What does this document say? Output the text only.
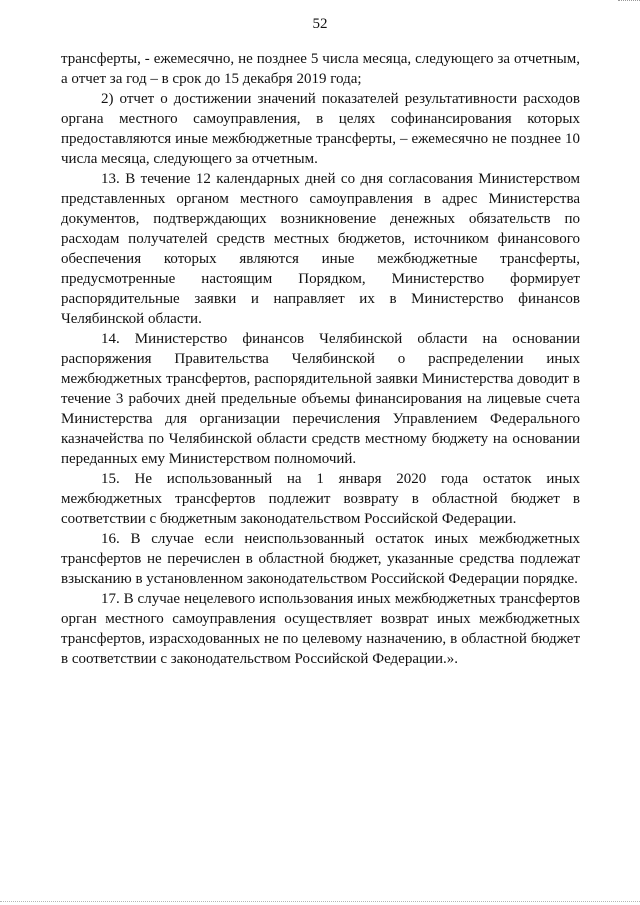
52

трансферты, - ежемесячно, не позднее 5 числа месяца, следующего за отчетным, а отчет за год – в срок до 15 декабря 2019 года;

2) отчет о достижении значений показателей результативности расходов органа местного самоуправления, в целях софинансирования которых предоставляются иные межбюджетные трансферты, – ежемесячно не позднее 10 числа месяца, следующего за отчетным.

13. В течение 12 календарных дней со дня согласования Министерством представленных органом местного самоуправления в адрес Министерства документов, подтверждающих возникновение денежных обязательств по расходам получателей средств местных бюджетов, источником финансового обеспечения которых являются иные межбюджетные трансферты, предусмотренные настоящим Порядком, Министерство формирует распорядительные заявки и направляет их в Министерство финансов Челябинской области.

14. Министерство финансов Челябинской области на основании распоряжения Правительства Челябинской о распределении иных межбюджетных трансфертов, распорядительной заявки Министерства доводит в течение 3 рабочих дней предельные объемы финансирования на лицевые счета Министерства для организации перечисления Управлением Федерального казначейства по Челябинской области средств местному бюджету на основании переданных ему Министерством полномочий.

15. Не использованный на 1 января 2020 года остаток иных межбюджетных трансфертов подлежит возврату в областной бюджет в соответствии с бюджетным законодательством Российской Федерации.

16. В случае если неиспользованный остаток иных межбюджетных трансфертов не перечислен в областной бюджет, указанные средства подлежат взысканию в установленном законодательством Российской Федерации порядке.

17. В случае нецелевого использования иных межбюджетных трансфертов орган местного самоуправления осуществляет возврат иных межбюджетных трансфертов, израсходованных не по целевому назначению, в областной бюджет в соответствии с законодательством Российской Федерации.».
